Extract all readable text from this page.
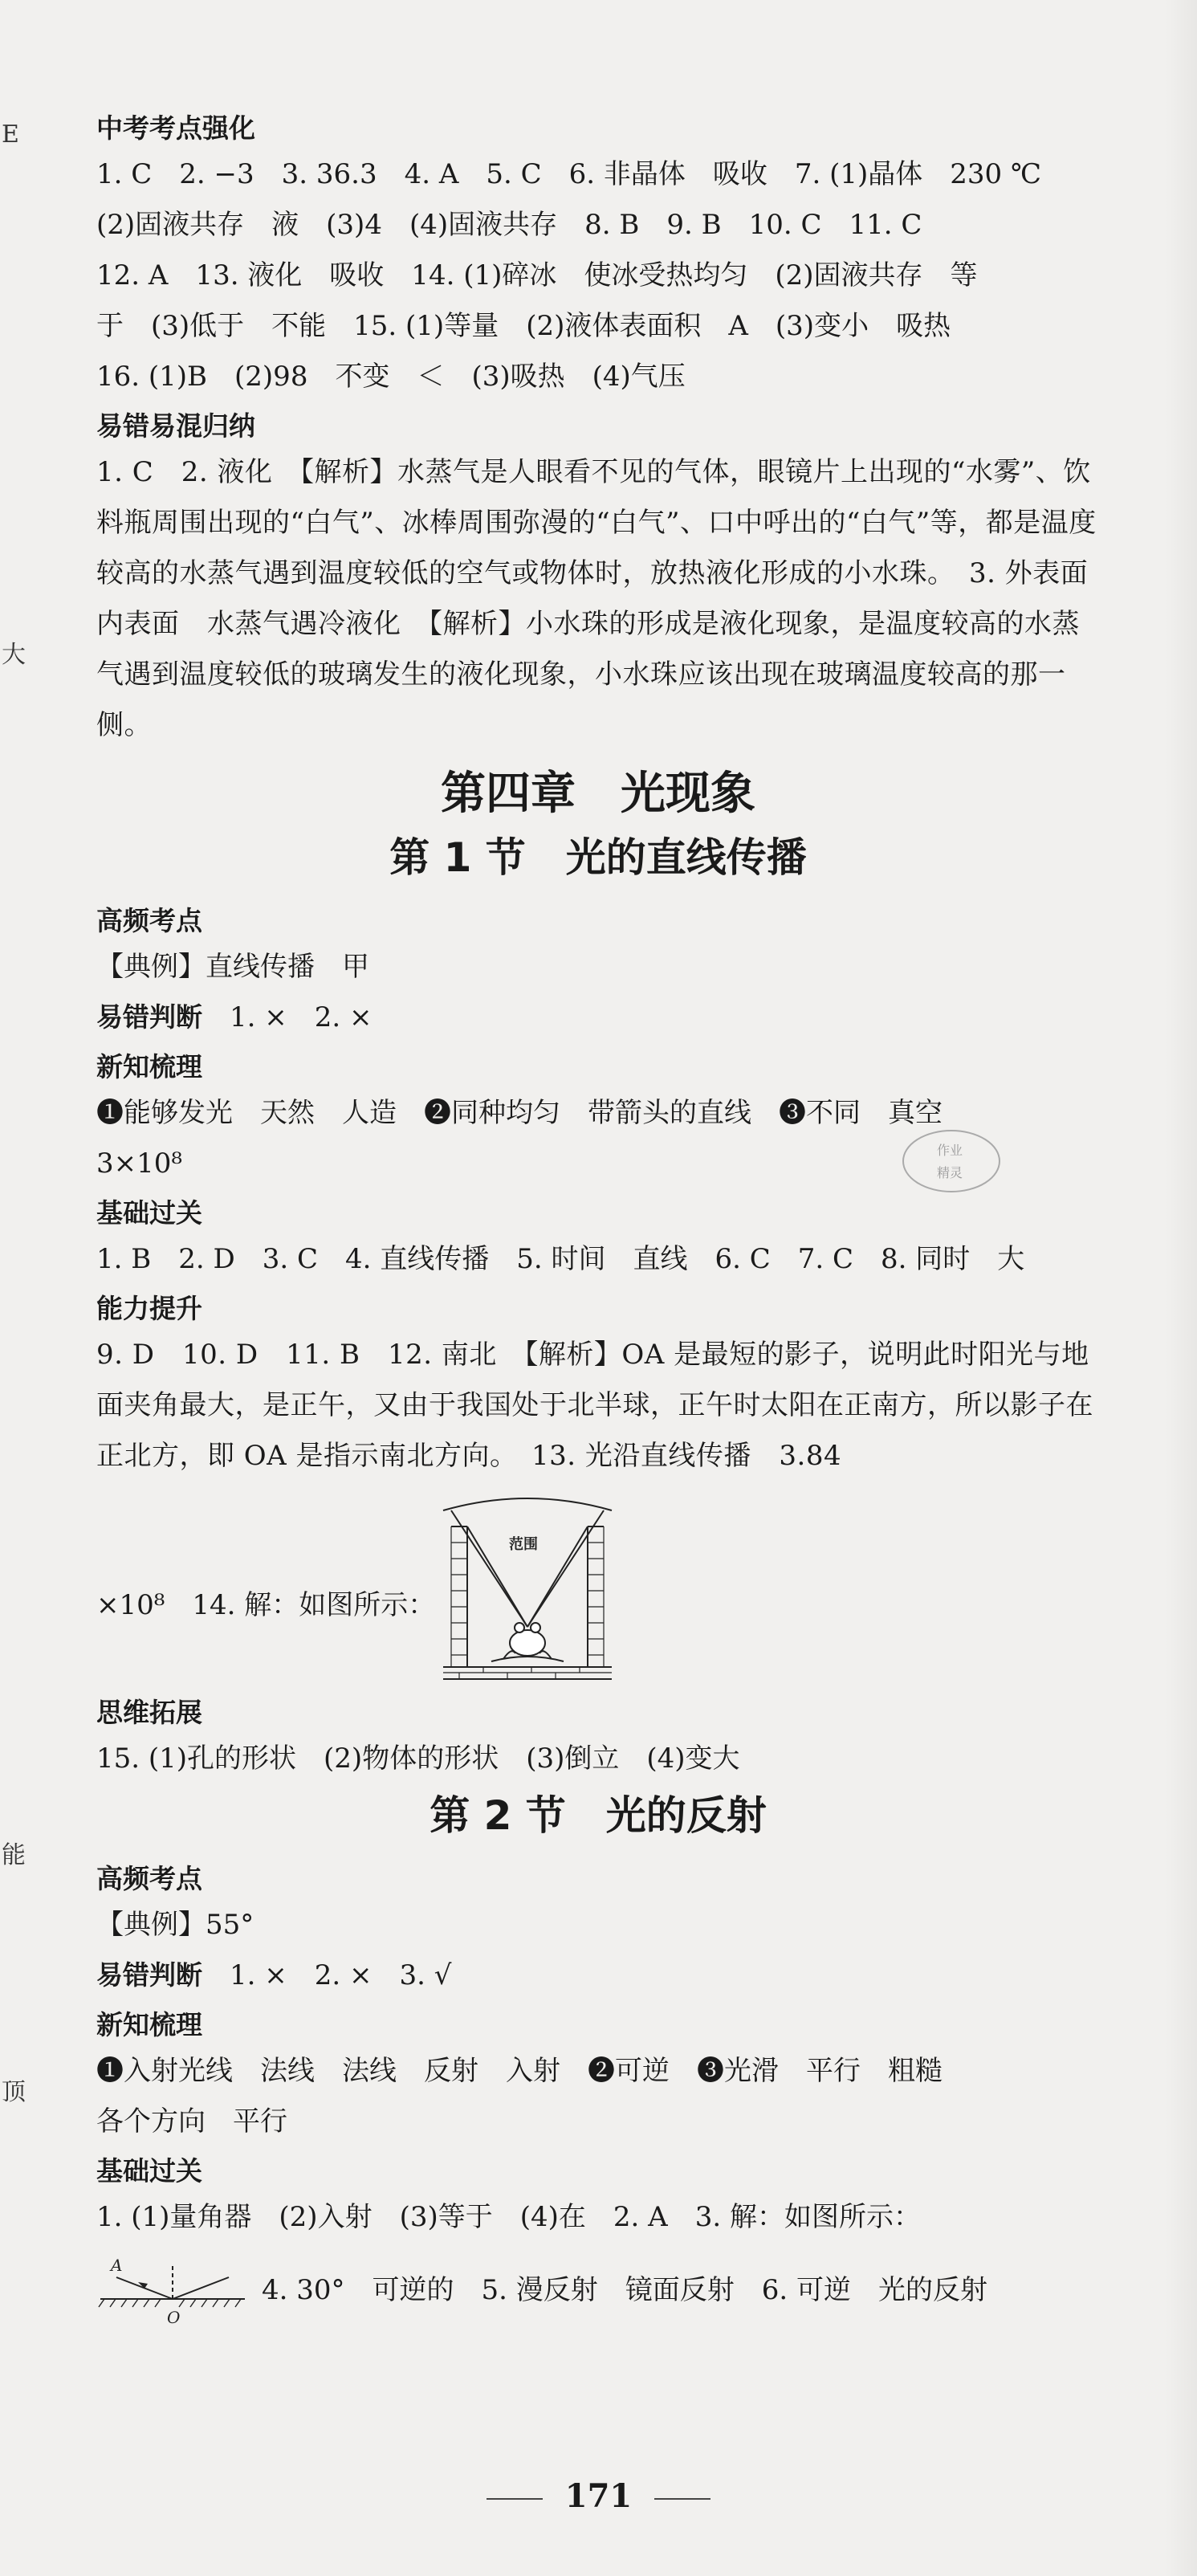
E
大
能
顶
中考考点强化
1. C　2. −3　3. 36.3　4. A　5. C　6. 非晶体　吸收　7. (1)晶体　230 ℃
(2)固液共存　液　(3)4　(4)固液共存　8. B　9. B　10. C　11. C
12. A　13. 液化　吸收　14. (1)碎冰　使冰受热均匀　(2)固液共存　等
于　(3)低于　不能　15. (1)等量　(2)液体表面积　A　(3)变小　吸热
16. (1)B　(2)98　不变　＜　(3)吸热　(4)气压
易错易混归纳
1. C　2. 液化　【解析】水蒸气是人眼看不见的气体，眼镜片上出现的“水雾”、饮料瓶周围出现的“白气”、冰棒周围弥漫的“白气”、口中呼出的“白气”等，都是温度较高的水蒸气遇到温度较低的空气或物体时，放热液化形成的小水珠。　3. 外表面　内表面　水蒸气遇冷液化　【解析】小水珠的形成是液化现象，是温度较高的水蒸气遇到温度较低的玻璃发生的液化现象，小水珠应该出现在玻璃温度较高的那一侧。
第四章　光现象
第 1 节　光的直线传播
高频考点
【典例】直线传播　甲
易错判断　 1. ×　2. ×
新知梳理
❶能够发光　天然　人造　❷同种均匀　带箭头的直线　❸不同　真空
3×10⁸
基础过关
1. B　2. D　3. C　4. 直线传播　5. 时间　直线　6. C　7. C　8. 同时　大
能力提升
9. D　10. D　11. B　12. 南北　【解析】OA 是最短的影子，说明此时阳光与地面夹角最大，是正午，又由于我国处于北半球，正午时太阳在正南方，所以影子在正北方，即 OA 是指示南北方向。　13. 光沿直线传播　3.84
×10⁸　14. 解：如图所示：
范围
思维拓展
15. (1)孔的形状　(2)物体的形状　(3)倒立　(4)变大
第 2 节　光的反射
高频考点
【典例】55°
易错判断　 1. ×　2. ×　3. √
新知梳理
❶入射光线　法线　法线　反射　入射　❷可逆　❸光滑　平行　粗糙
各个方向　平行
基础过关
1. (1)量角器　(2)入射　(3)等于　(4)在　2. A　3. 解：如图所示：
A
O
4. 30°　可逆的　5. 漫反射　镜面反射　6. 可逆　光的反射
作业
精灵
171
